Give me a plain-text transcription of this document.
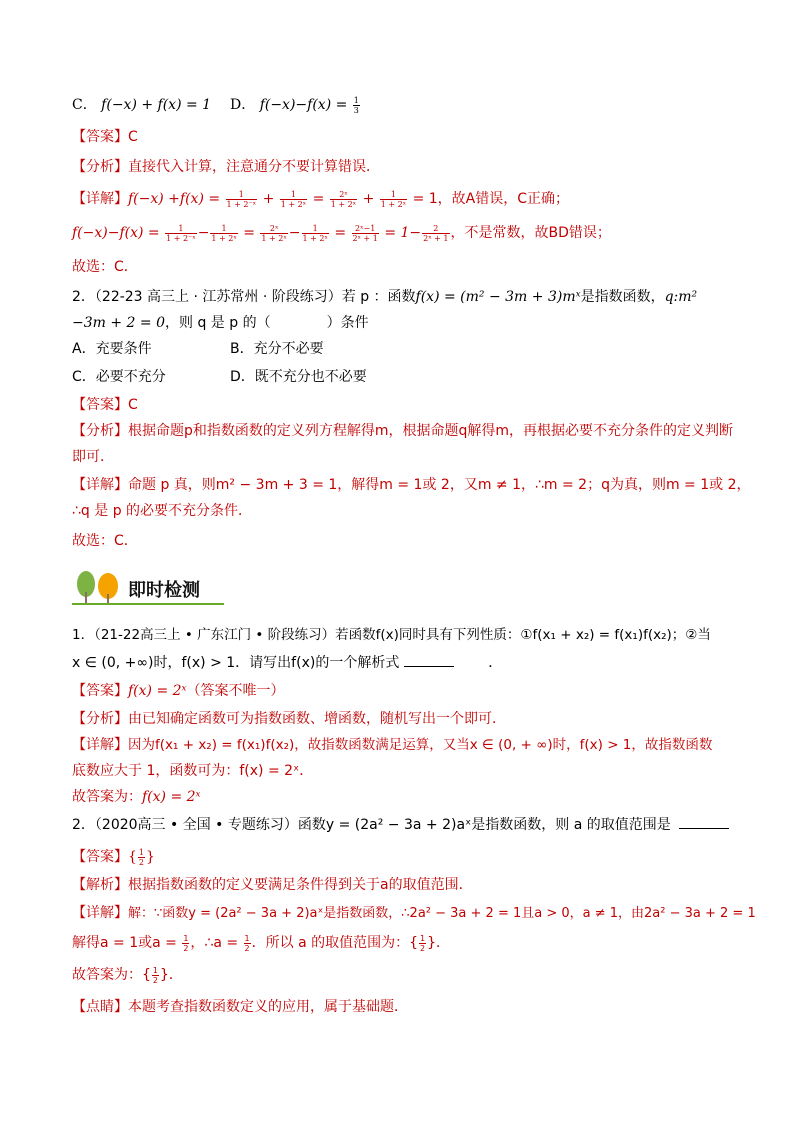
C． f(−x) + f(x) = 1 D． $f(-x)-f(x) = \frac{1}{3}$
【答案】C
【分析】直接代入计算，注意通分不要计算错误．
【详解】$f(-x) +f(x) = \frac{1}{\text{1 + 2⁻ˣ}} + \frac{1}{\text{1 + 2ˣ}} = \frac{\text{2ˣ}}{\text{1 + 2ˣ}} + \frac{1}{\text{1 + 2ˣ}} = 1$，故A错误，C正确；
$f(-x)-f(x) = \frac{1}{\text{1 + 2⁻ˣ}} - \frac{1}{\text{1 + 2ˣ}} = \frac{\text{2ˣ}}{\text{1 + 2ˣ}} - \frac{1}{\text{1 + 2ˣ}} = \frac{\text{2ˣ−1}}{\text{2ˣ + 1}} = 1- \frac{2}{\text{2ˣ + 1}}$ ，不是常数，故BD错误；
故选：C．
2．（22-23 高三上 · 江苏常州 · 阶段练习）若 p ：函数f(x) = (m² − 3m + 3)mˣ是指数函数，q:m²
−3m + 2 = 0，则 q 是 p 的（　　　　）条件
A．充要条件	B．充分不必要
C．必要不充分	D．既不充分也不必要
【答案】C
【分析】根据命题p和指数函数的定义列方程解得m，根据命题q解得m，再根据必要不充分条件的定义判断
即可．
【详解】命题 p 真，则m² − 3m + 3 = 1，解得m = 1或 2，又m ≠ 1，∴m = 2；q为真，则m = 1或 2，
∴q 是 p 的必要不充分条件．
故选：C．
即时检测
1．（21-22高三上 • 广东江门 • 阶段练习）若函数f(x)同时具有下列性质：①f(x₁ + x₂) = f(x₁)f(x₂)；②当
x ∈ (0, +∞)时，f(x) > 1．请写出f(x)的一个解析式	．
【答案】f(x) = 2ˣ（答案不唯一）
【分析】由已知确定函数可为指数函数、增函数，随机写出一个即可．
【详解】因为f(x₁ + x₂) = f(x₁)f(x₂)，故指数函数满足运算，又当x ∈ (0, + ∞)时，f(x) > 1，故指数函数
底数应大于 1，函数可为：f(x) = 2ˣ．
故答案为：f(x) = 2ˣ
2．（2020高三 • 全国 • 专题练习）函数y = (2a² − 3a + 2)aˣ是指数函数，则 a 的取值范围是
【答案】{ $\frac{1}{2}$ }
【解析】根据指数函数的定义要满足条件得到关于a的取值范围．
【详解】解：∵函数y = (2a² − 3a + 2)aˣ是指数函数，∴2a² − 3a + 2 = 1且a > 0，a ≠ 1，由2a² − 3a + 2 = 1
解得a = 1或$a = \frac{1}{2}$ ，∴a = $\frac{1}{2}$ ．所以 a 的取值范围为：{ $\frac{1}{2}$ }．
故答案为：{ $\frac{1}{2}$ }．
【点睛】本题考查指数函数定义的应用，属于基础题．
